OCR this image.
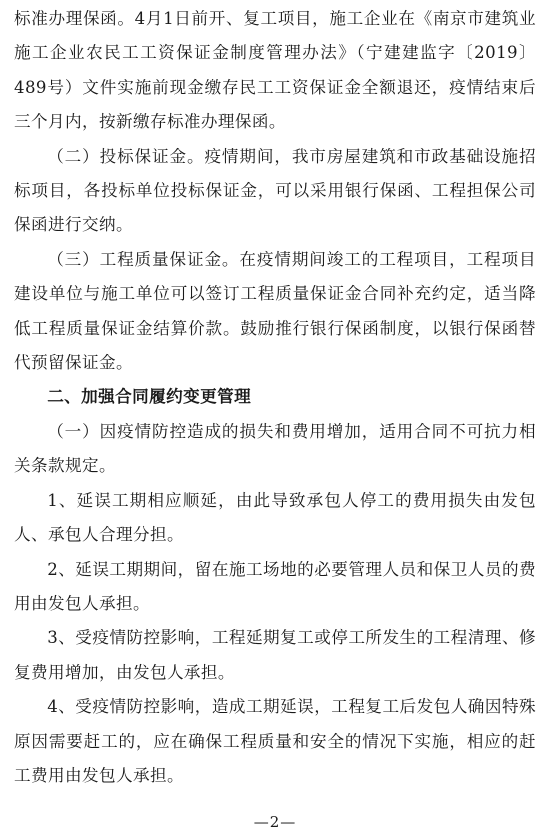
标准办理保函。4月1日前开、复工项目，施工企业在《南京市建筑业施工企业农民工工资保证金制度管理办法》（宁建建监字〔2019〕489号）文件实施前现金缴存民工工资保证金全额退还，疫情结束后三个月内，按新缴存标准办理保函。

（二）投标保证金。疫情期间，我市房屋建筑和市政基础设施招标项目，各投标单位投标保证金，可以采用银行保函、工程担保公司保函进行交纳。

（三）工程质量保证金。在疫情期间竣工的工程项目，工程项目建设单位与施工单位可以签订工程质量保证金合同补充约定，适当降低工程质量保证金结算价款。鼓励推行银行保函制度，以银行保函替代预留保证金。

二、加强合同履约变更管理

（一）因疫情防控造成的损失和费用增加，适用合同不可抗力相关条款规定。

1、延误工期相应顺延，由此导致承包人停工的费用损失由发包人、承包人合理分担。

2、延误工期期间，留在施工场地的必要管理人员和保卫人员的费用由发包人承担。

3、受疫情防控影响，工程延期复工或停工所发生的工程清理、修复费用增加，由发包人承担。

4、受疫情防控影响，造成工期延误，工程复工后发包人确因特殊原因需要赶工的，应在确保工程质量和安全的情况下实施，相应的赶工费用由发包人承担。

—2—
